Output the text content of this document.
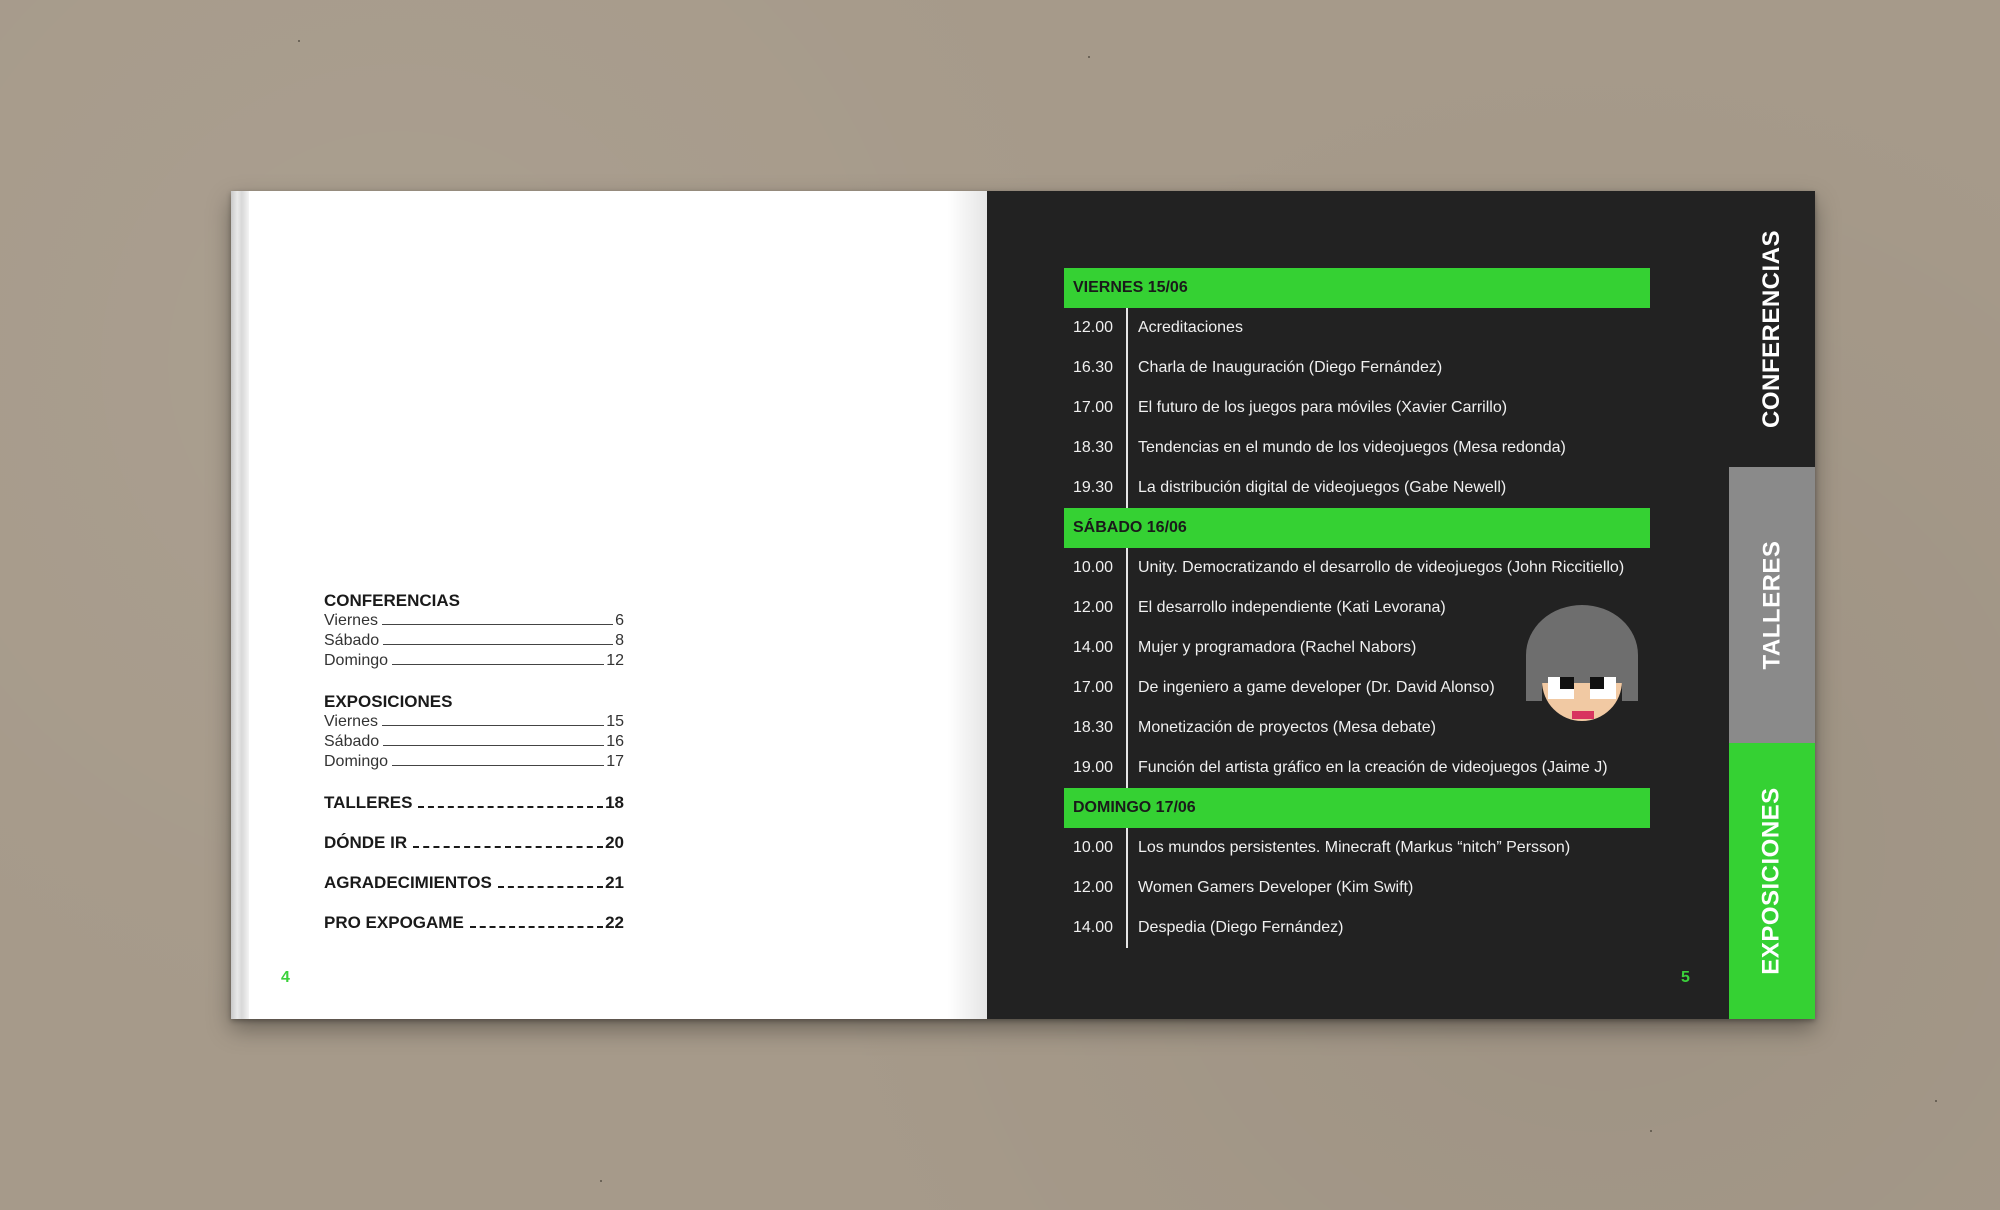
CONFERENCIAS
Viernes	6
Sábado	8
Domingo	12
EXPOSICIONES
Viernes	15
Sábado	16
Domingo	17
TALLERES	18
DÓNDE IR	20
AGRADECIMIENTOS	21
PRO EXPOGAME	22
4
VIERNES 15/06
12.00	Acreditaciones
16.30	Charla de Inauguración (Diego Fernández)
17.00	El futuro de los juegos para móviles (Xavier Carrillo)
18.30	Tendencias en el mundo de los videojuegos (Mesa redonda)
19.30	La distribución digital de videojuegos (Gabe Newell)
SÁBADO 16/06
10.00	Unity. Democratizando el desarrollo de videojuegos (John Riccitiello)
12.00	El desarrollo independiente (Kati Levorana)
14.00	Mujer y programadora (Rachel Nabors)
17.00	De ingeniero a game developer (Dr. David Alonso)
18.30	Monetización de proyectos (Mesa debate)
19.00	Función del artista gráfico en la creación de videojuegos (Jaime J)
DOMINGO 17/06
10.00	Los mundos persistentes. Minecraft (Markus “nitch” Persson)
12.00	Women Gamers Developer (Kim Swift)
14.00	Despedia (Diego Fernández)
5
CONFERENCIAS
TALLERES
EXPOSICIONES
